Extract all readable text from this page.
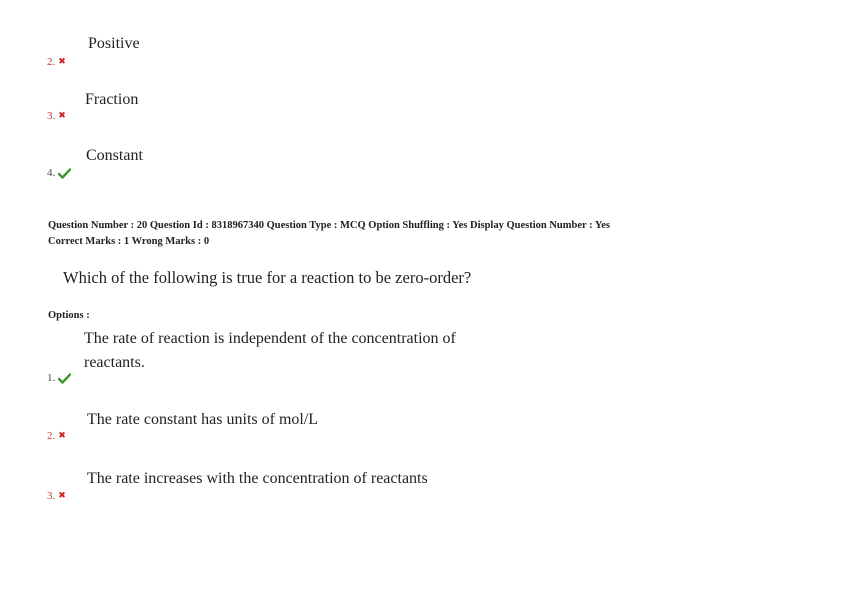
Positive
2. ✖
Fraction
3. ✖
Constant
4.
Question Number : 20 Question Id : 8318967340 Question Type : MCQ Option Shuffling : Yes Display Question Number : Yes
Correct Marks : 1 Wrong Marks : 0
Which of the following is true for a reaction to be zero-order?
Options :
The rate of reaction is independent of the concentration of
reactants.
1.
The rate constant has units of mol/L
2. ✖
The rate increases with the concentration of reactants
3. ✖
